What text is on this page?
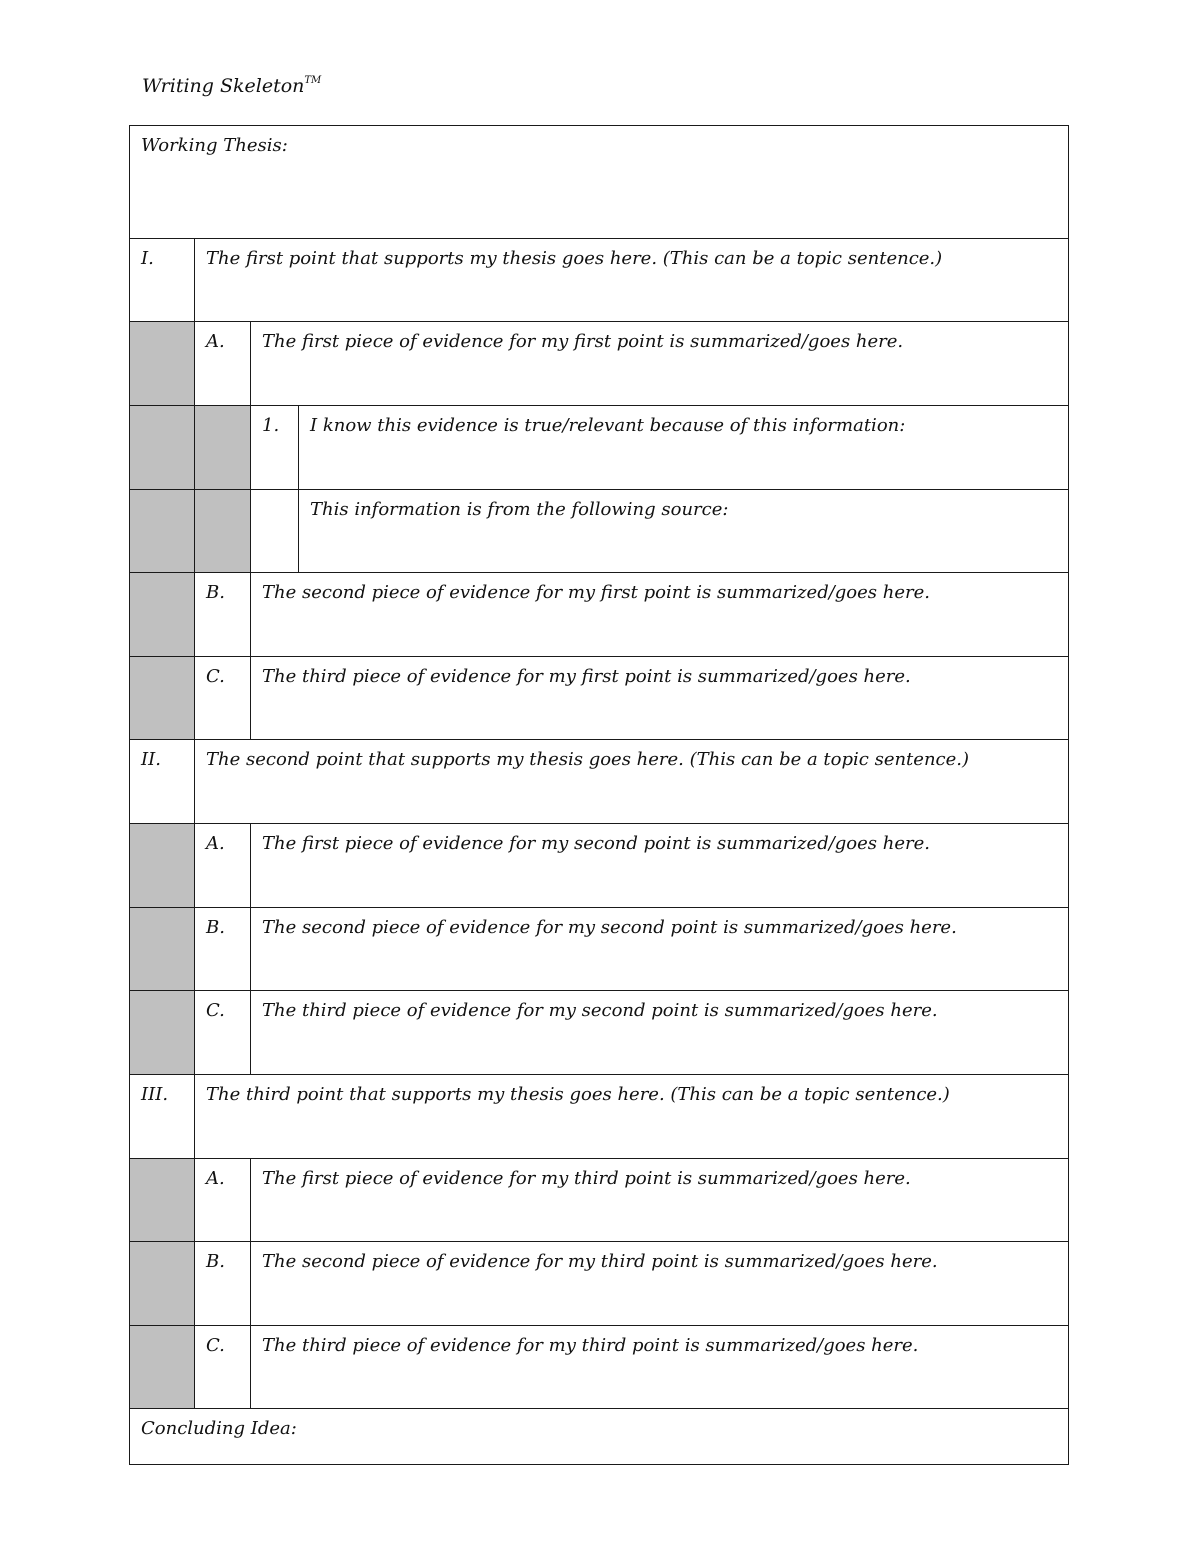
Writing Skeleton™
Working Thesis:			
I.	The first point that supports my thesis goes here. (This can be a topic sentence.)		
	A.	The first piece of evidence for my first point is summarized/goes here.	
		1.	I know this evidence is true/relevant because of this information:
			This information is from the following source:
	B.	The second piece of evidence for my first point is summarized/goes here.	
	C.	The third piece of evidence for my first point is summarized/goes here.	
II.	The second point that supports my thesis goes here. (This can be a topic sentence.)		
	A.	The first piece of evidence for my second point is summarized/goes here.	
	B.	The second piece of evidence for my second point is summarized/goes here.	
	C.	The third piece of evidence for my second point is summarized/goes here.	
III.	The third point that supports my thesis goes here. (This can be a topic sentence.)		
	A.	The first piece of evidence for my third point is summarized/goes here.	
	B.	The second piece of evidence for my third point is summarized/goes here.	
	C.	The third piece of evidence for my third point is summarized/goes here.	
Concluding Idea:			
